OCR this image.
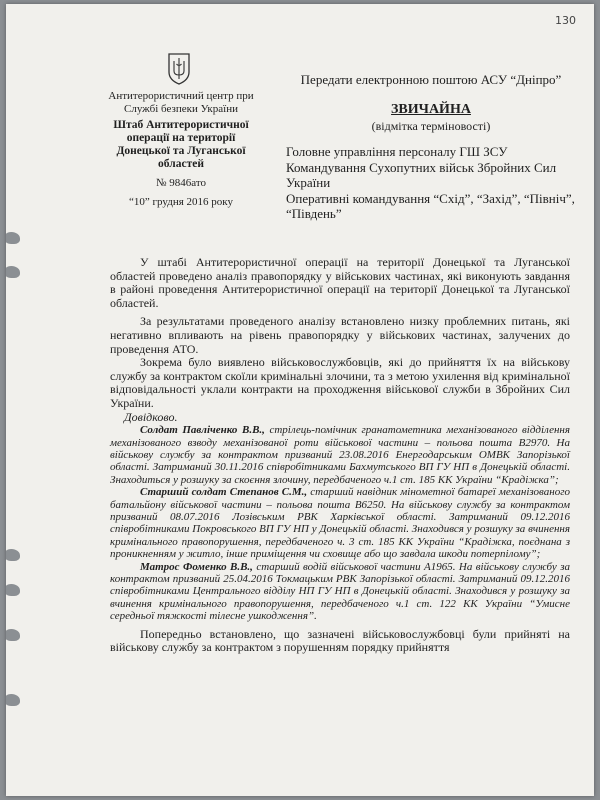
130
Антитерористичний центр при Службі безпеки України
Штаб Антитерористичної операції на території Донецької та Луганської областей
№ 9846ато
“10” грудня 2016 року
Передати електронною поштою АСУ “Дніпро”
ЗВИЧАЙНА
(відмітка терміновості)
Головне управління персоналу ГШ ЗСУ
Командування Сухопутних військ Збройних Сил України
Оперативні командування “Схід”, “Захід”, “Північ”, “Південь”

У штабі Антитерористичної операції на території Донецької та Луганської областей проведено аналіз правопорядку у військових частинах, які виконують завдання в районі проведення Антитерористичної операції на території Донецької та Луганської областей.

За результатами проведеного аналізу встановлено низку проблемних питань, які негативно впливають на рівень правопорядку у військових частинах, залучених до проведення АТО.

Зокрема було виявлено військовослужбовців, які до прийняття їх на військову службу за контрактом скоїли кримінальні злочини, та з метою ухилення від кримінальної відповідальності уклали контракти на проходження військової служби в Збройних Сил України.

Довідково.

Солдат Павліченко В.В., стрілець-помічник гранатометника механізованого відділення механізованого взводу механізованої роти військової частини – польова пошта В2970. На військову службу за контрактом призваний 23.08.2016 Енергодарським ОМВК Запорізької області. Затриманий 30.11.2016 співробітниками Бахмутського ВП ГУ НП в Донецькій області. Знаходиться у розшуку за скоєння злочину, передбаченого ч.1 ст. 185 КК України “Крадіжка”;

Старший солдат Степанов С.М., старший навідник мінометної батареї механізованого батальйону військової частини – польова пошта В6250. На військову службу за контрактом призваний 08.07.2016 Лозівським РВК Харківської області. Затриманий 09.12.2016 співробітниками Покровського ВП ГУ НП у Донецькій області. Знаходився у розшуку за вчинення кримінального правопорушення, передбаченого ч. 3 ст. 185 КК України “Крадіжка, поєднана з проникненням у житло, інше приміщення чи сховище або що завдала шкоди потерпілому”;

Матрос Фоменко В.В., старший водій військової частини А1965. На військову службу за контрактом призваний 25.04.2016 Токмацьким РВК Запорізької області. Затриманий 09.12.2016 співробітниками Центрального відділу НП ГУ НП в Донецькій області. Знаходився у розшуку за вчинення кримінального правопорушення, передбаченого ч.1 ст. 122 КК України “Умисне середньої тяжкості тілесне ушкодження”.

Попередньо встановлено, що зазначені військовослужбовці були прийняті на військову службу за контрактом з порушенням порядку прийняття
